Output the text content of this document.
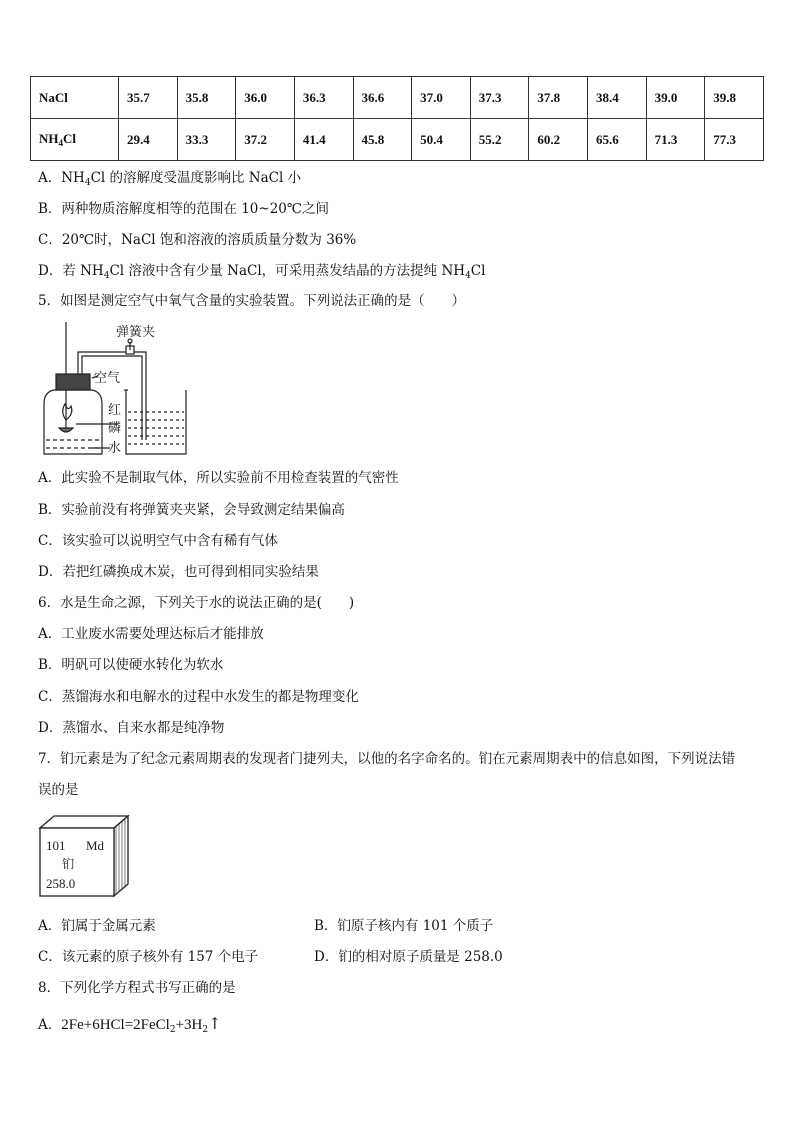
NaCl	35.7	35.8	36.0	36.3	36.6	37.0	37.3	37.8	38.4	39.0	39.8
$NH_4Cl$	29.4	33.3	37.2	41.4	45.8	50.4	55.2	60.2	65.6	71.3	77.3
A．$NH_4Cl$ 的溶解度受温度影响比 NaCl 小
B．两种物质溶解度相等的范围在 10~20℃之间
C．20℃时，NaCl 饱和溶液的溶质质量分数为 36%
D．若 $NH_4Cl$ 溶液中含有少量 NaCl，可采用蒸发结晶的方法提纯 $NH_4Cl$
5．如图是测定空气中氧气含量的实验装置。下列说法正确的是（　　）
弹簧夹
空气
红
磷
水
A．此实验不是制取气体，所以实验前不用检查装置的气密性
B．实验前没有将弹簧夹夹紧，会导致测定结果偏高
C．该实验可以说明空气中含有稀有气体
D．若把红磷换成木炭，也可得到相同实验结果
6．水是生命之源，下列关于水的说法正确的是(　　)
A．工业废水需要处理达标后才能排放
B．明矾可以使硬水转化为软水
C．蒸馏海水和电解水的过程中水发生的都是物理变化
D．蒸馏水、自来水都是纯净物
7．钔元素是为了纪念元素周期表的发现者门捷列夫，以他的名字命名的。钔在元素周期表中的信息如图，下列说法错
误的是
101 Md
钔
258.0
A．钔属于金属元素	B．钔原子核内有 101 个质子
C．该元素的原子核外有 157 个电子	D．钔的相对原子质量是 258.0
8．下列化学方程式书写正确的是
A．$2Fe+6HCl=2FeCl_2+3H_2↑$
